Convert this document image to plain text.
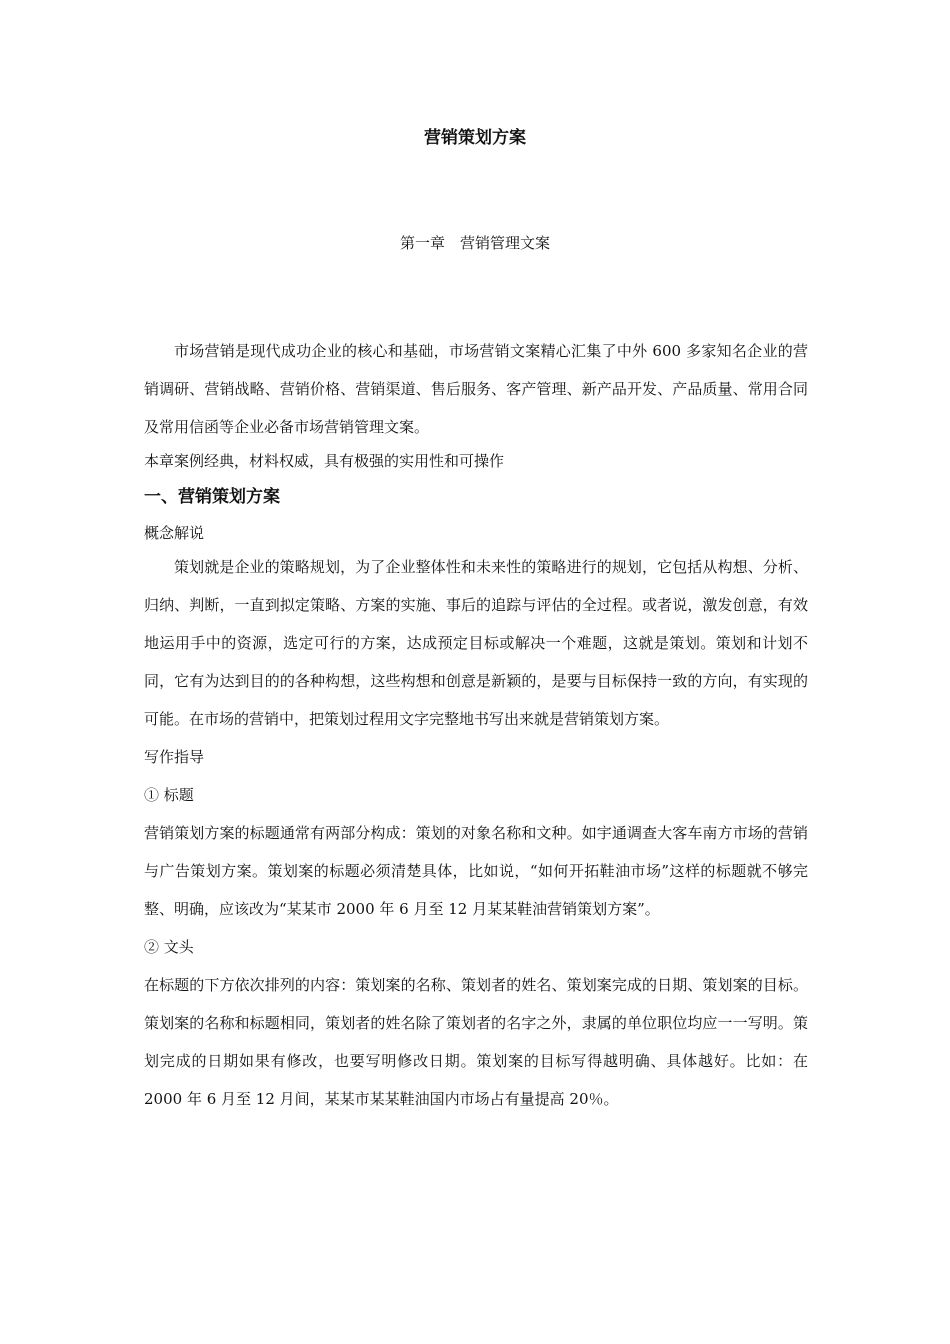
营销策划方案
第一章　营销管理文案

市场营销是现代成功企业的核心和基础，市场营销文案精心汇集了中外 600 多家知名企业的营销调研、营销战略、营销价格、营销渠道、售后服务、客产管理、新产品开发、产品质量、常用合同及常用信函等企业必备市场营销管理文案。

本章案例经典，材料权威，具有极强的实用性和可操作

一、营销策划方案

概念解说

策划就是企业的策略规划，为了企业整体性和未来性的策略进行的规划，它包括从构想、分析、归纳、判断，一直到拟定策略、方案的实施、事后的追踪与评估的全过程。或者说，激发创意，有效地运用手中的资源，选定可行的方案，达成预定目标或解决一个难题，这就是策划。策划和计划不同，它有为达到目的的各种构想，这些构想和创意是新颖的，是要与目标保持一致的方向，有实现的可能。在市场的营销中，把策划过程用文字完整地书写出来就是营销策划方案。

写作指导

① 标题

营销策划方案的标题通常有两部分构成：策划的对象名称和文种。如宇通调查大客车南方市场的营销与广告策划方案。策划案的标题必须清楚具体，比如说，“如何开拓鞋油市场”这样的标题就不够完整、明确，应该改为“某某市 2000 年 6 月至 12 月某某鞋油营销策划方案”。

② 文头

在标题的下方依次排列的内容：策划案的名称、策划者的姓名、策划案完成的日期、策划案的目标。策划案的名称和标题相同，策划者的姓名除了策划者的名字之外，隶属的单位职位均应一一写明。策划完成的日期如果有修改，也要写明修改日期。策划案的目标写得越明确、具体越好。比如：在 2000 年 6 月至 12 月间，某某市某某鞋油国内市场占有量提高 20％。
